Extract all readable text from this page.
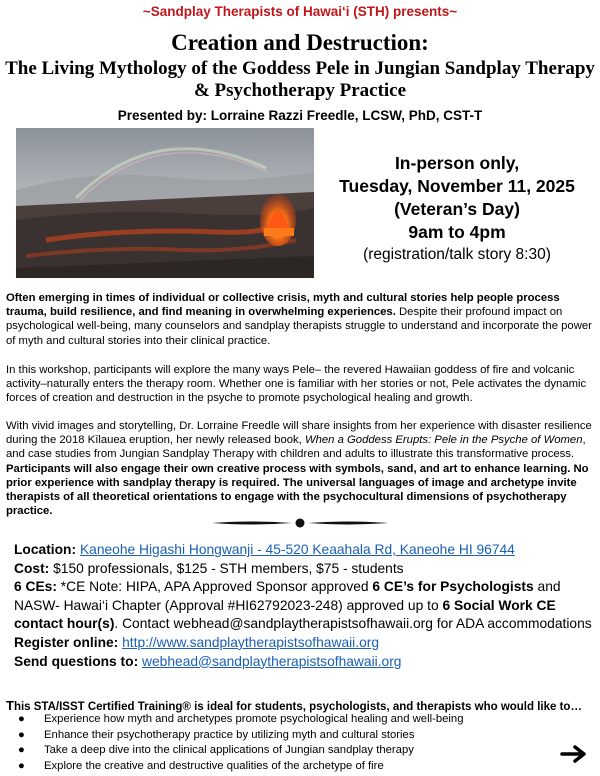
~Sandplay Therapists of Hawai‘i (STH) presents~
Creation and Destruction:
The Living Mythology of the Goddess Pele in Jungian Sandplay Therapy
& Psychotherapy Practice
Presented by: Lorraine Razzi Freedle, LCSW, PhD, CST-T
In-person only,
Tuesday, November 11, 2025
(Veteran’s Day)
9am to 4pm
(registration/talk story 8:30)
Often emerging in times of individual or collective crisis, myth and cultural stories help people process trauma, build resilience, and find meaning in overwhelming experiences. Despite their profound impact on psychological well-being, many counselors and sandplay therapists struggle to understand and incorporate the power of myth and cultural stories into their clinical practice.
In this workshop, participants will explore the many ways Pele– the revered Hawaiian goddess of fire and volcanic activity–naturally enters the therapy room. Whether one is familiar with her stories or not, Pele activates the dynamic forces of creation and destruction in the psyche to promote psychological healing and growth.
With vivid images and storytelling, Dr. Lorraine Freedle will share insights from her experience with disaster resilience during the 2018 Kīlauea eruption, her newly released book, When a Goddess Erupts: Pele in the Psyche of Women, and case studies from Jungian Sandplay Therapy with children and adults to illustrate this transformative process. Participants will also engage their own creative process with symbols, sand, and art to enhance learning. No prior experience with sandplay therapy is required. The universal languages of image and archetype invite therapists of all theoretical orientations to engage with the psychocultural dimensions of psychotherapy practice.
Location: Kaneohe Higashi Hongwanji - 45-520 Keaahala Rd, Kaneohe HI 96744
Cost: $150 professionals, $125 - STH members, $75 - students
6 CEs: *CE Note: HIPA, APA Approved Sponsor approved 6 CE’s for Psychologists and NASW- Hawai‘i Chapter (Approval #HI62792023-248) approved up to 6 Social Work CE contact hour(s). Contact webhead@sandplaytherapistsofhawaii.org for ADA accommodations
Register online: http://www.sandplaytherapistsofhawaii.org
Send questions to: webhead@sandplaytherapistsofhawaii.org
This STA/ISST Certified Training® is ideal for students, psychologists, and therapists who would like to…
● Experience how myth and archetypes promote psychological healing and well-being
● Enhance their psychotherapy practice by utilizing myth and cultural stories
● Take a deep dive into the clinical applications of Jungian sandplay therapy
● Explore the creative and destructive qualities of the archetype of fire
